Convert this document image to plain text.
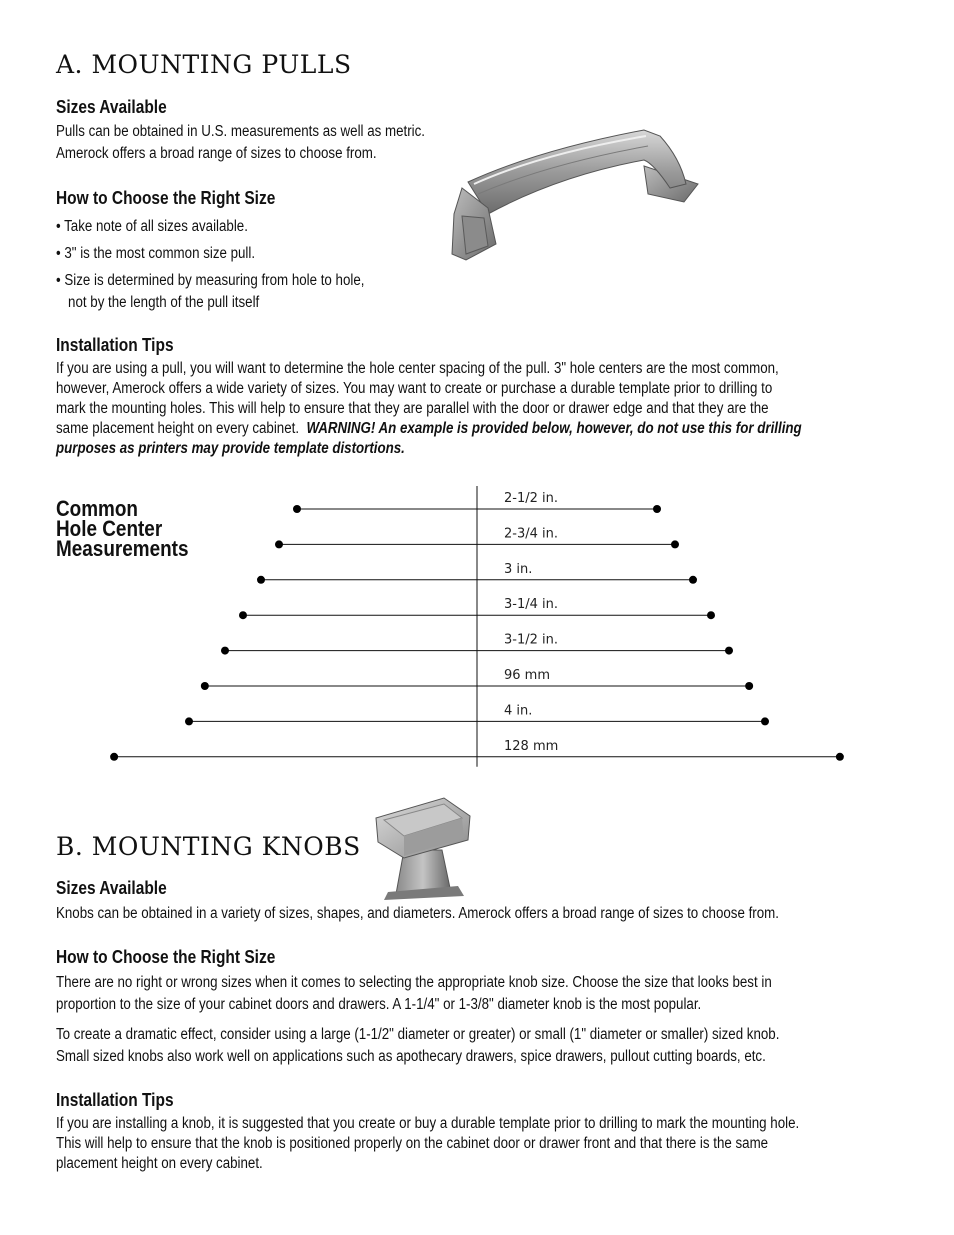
A. MOUNTING PULLS
Sizes Available

Pulls can be obtained in U.S. measurements as well as metric.

Amerock offers a broad range of sizes to choose from.

How to Choose the Right Size
• Take note of all sizes available.
• 3" is the most common size pull.
• Size is determined by measuring from hole to hole,
not by the length of the pull itself
Installation Tips

If you are using a pull, you will want to determine the hole center spacing of the pull. 3" hole centers are the most common,

however, Amerock offers a wide variety of sizes. You may want to create or purchase a durable template prior to drilling to

mark the mounting holes. This will help to ensure that they are parallel with the door or drawer edge and that they are the

same placement height on every cabinet.  WARNING! An example is provided below, however, do not use this for drilling

purposes as printers may provide template distortions.

Common
Hole Center
Measurements
2-1/2 in.
2-3/4 in.
3 in.
3-1/4 in.
3-1/2 in.
96 mm
4 in.
128 mm
B. MOUNTING KNOBS
Sizes Available
Knobs can be obtained in a variety of sizes, shapes, and diameters. Amerock offers a broad range of sizes to choose from.
How to Choose the Right Size

There are no right or wrong sizes when it comes to selecting the appropriate knob size. Choose the size that looks best in

proportion to the size of your cabinet doors and drawers. A 1-1/4" or 1-3/8" diameter knob is the most popular.

To create a dramatic effect, consider using a large (1-1/2" diameter or greater) or small (1" diameter or smaller) sized knob.

Small sized knobs also work well on applications such as apothecary drawers, spice drawers, pullout cutting boards, etc.

Installation Tips

If you are installing a knob, it is suggested that you create or buy a durable template prior to drilling to mark the mounting hole.

This will help to ensure that the knob is positioned properly on the cabinet door or drawer front and that there is the same

placement height on every cabinet.
